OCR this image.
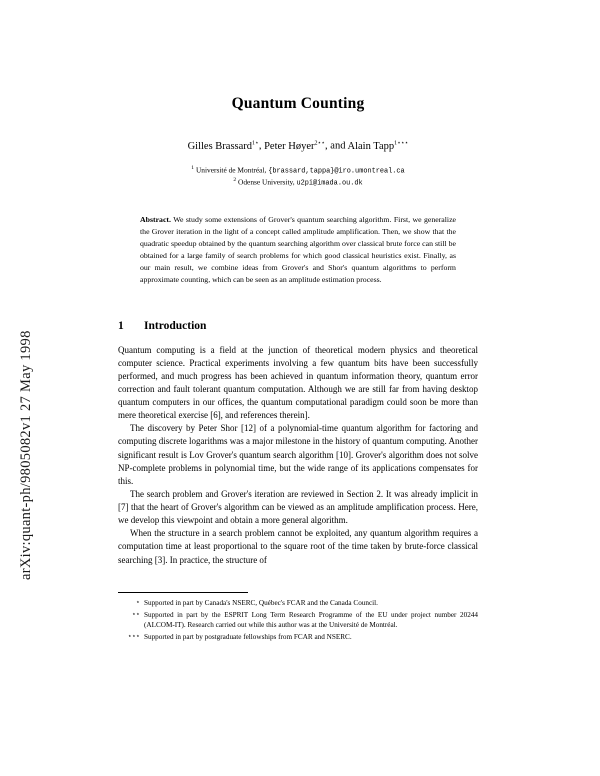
arXiv:quant-ph/9805082v1 27 May 1998
Quantum Counting
Gilles Brassard$^{1⋆}$, Peter Høyer$^{2⋆⋆}$, and Alain Tapp$^{1⋆⋆⋆}$
$^1$ Université de Montréal, {brassard,tappa}@iro.umontreal.ca
$^2$ Odense University, u2pi@imada.ou.dk
Abstract. We study some extensions of Grover's quantum searching algorithm. First, we generalize the Grover iteration in the light of a concept called amplitude amplification. Then, we show that the quadratic speedup obtained by the quantum searching algorithm over classical brute force can still be obtained for a large family of search problems for which good classical heuristics exist. Finally, as our main result, we combine ideas from Grover's and Shor's quantum algorithms to perform approximate counting, which can be seen as an amplitude estimation process.
1 Introduction

Quantum computing is a field at the junction of theoretical modern physics and theoretical computer science. Practical experiments involving a few quantum bits have been successfully performed, and much progress has been achieved in quantum information theory, quantum error correction and fault tolerant quantum computation. Although we are still far from having desktop quantum computers in our offices, the quantum computational paradigm could soon be more than mere theoretical exercise [6], and references therein].

The discovery by Peter Shor [12] of a polynomial-time quantum algorithm for factoring and computing discrete logarithms was a major milestone in the history of quantum computing. Another significant result is Lov Grover's quantum search algorithm [10]. Grover's algorithm does not solve NP-complete problems in polynomial time, but the wide range of its applications compensates for this.

The search problem and Grover's iteration are reviewed in Section 2. It was already implicit in [7] that the heart of Grover's algorithm can be viewed as an amplitude amplification process. Here, we develop this viewpoint and obtain a more general algorithm.

When the structure in a search problem cannot be exploited, any quantum algorithm requires a computation time at least proportional to the square root of the time taken by brute-force classical searching [3]. In practice, the structure of

⋆ Supported in part by Canada's NSERC, Québec's FCAR and the Canada Council.
⋆⋆ Supported in part by the ESPRIT Long Term Research Programme of the EU under project number 20244 (ALCOM-IT). Research carried out while this author was at the Université de Montréal.
⋆⋆⋆ Supported in part by postgraduate fellowships from FCAR and NSERC.
